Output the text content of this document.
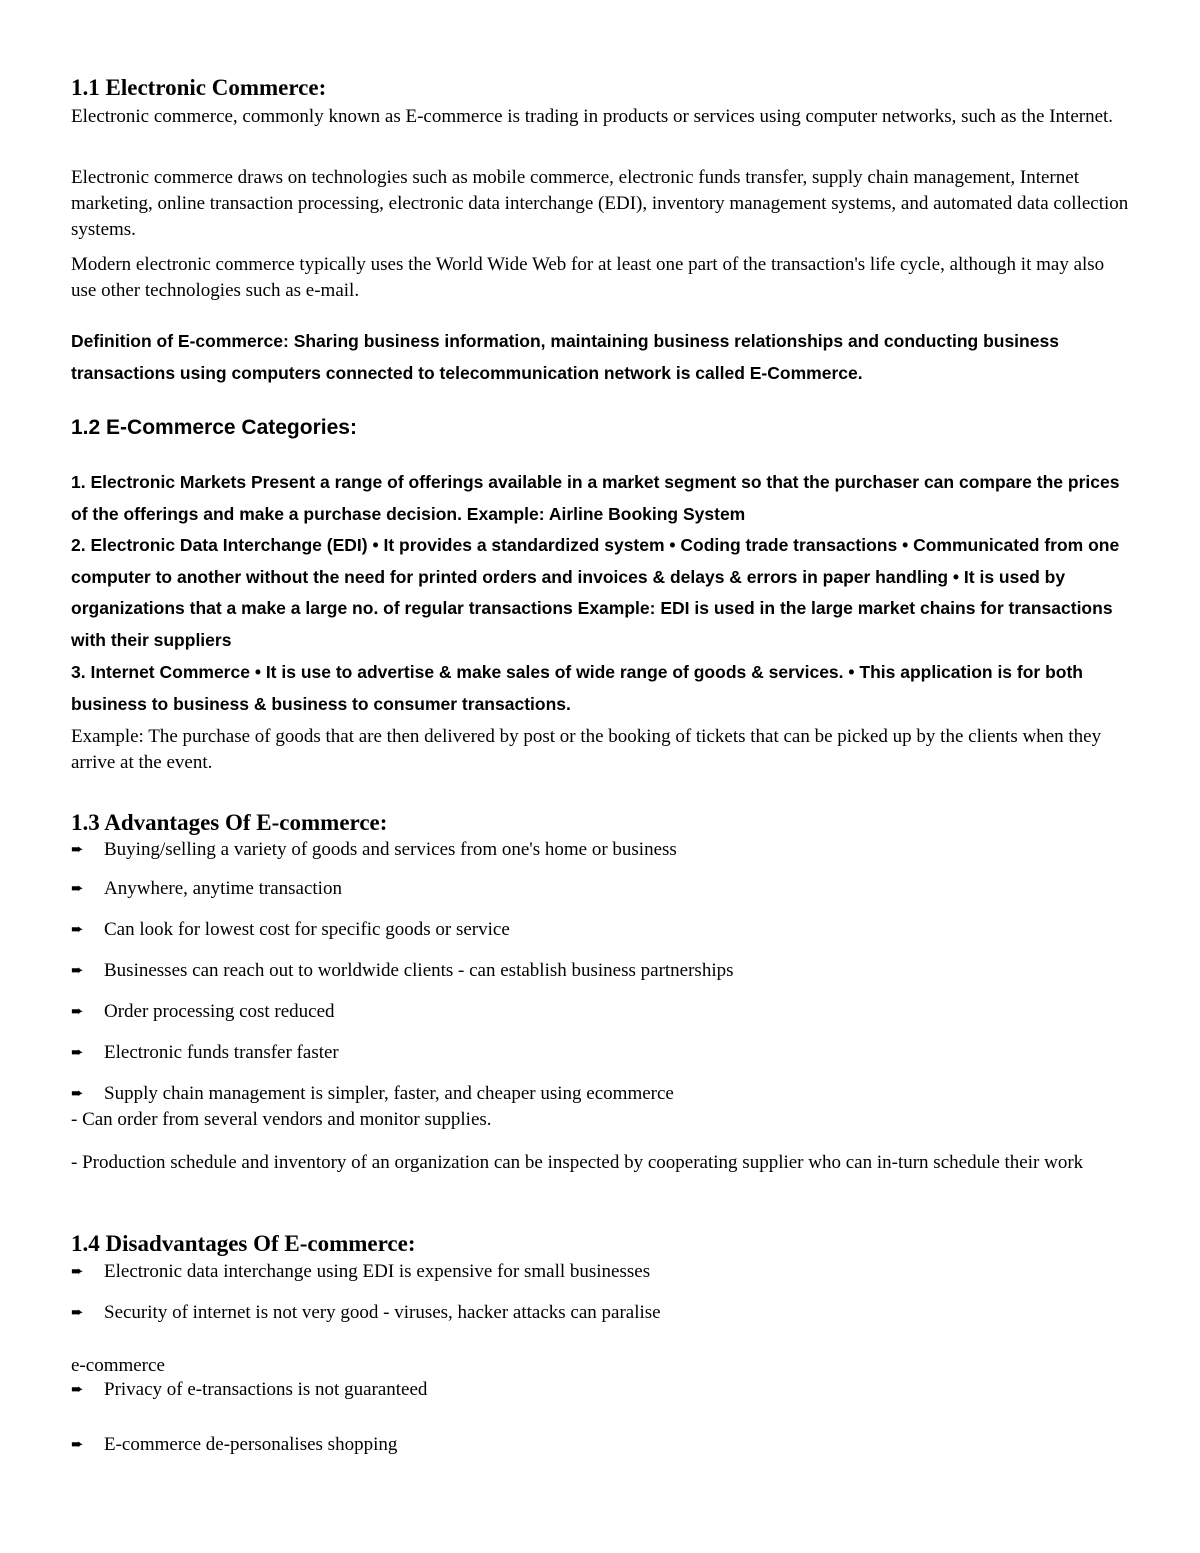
1.1 Electronic Commerce:

Electronic commerce, commonly known as E-commerce is trading in products or services using computer networks, such as the Internet.

Electronic commerce draws on technologies such as mobile commerce, electronic funds transfer, supply chain management, Internet marketing, online transaction processing, electronic data interchange (EDI), inventory management systems, and automated data collection systems.

Modern electronic commerce typically uses the World Wide Web for at least one part of the transaction's life cycle, although it may also use other technologies such as e-mail.

Definition of E-commerce: Sharing business information, maintaining business relationships and conducting business transactions using computers connected to telecommunication network is called E-Commerce.

1.2 E-Commerce Categories:

1. Electronic Markets Present a range of offerings available in a market segment so that the purchaser can compare the prices of the offerings and make a purchase decision. Example: Airline Booking System

2. Electronic Data Interchange (EDI) • It provides a standardized system • Coding trade transactions • Communicated from one computer to another without the need for printed orders and invoices & delays & errors in paper handling • It is used by organizations that a make a large no. of regular transactions Example: EDI is used in the large market chains for transactions with their suppliers

3. Internet Commerce • It is use to advertise & make sales of wide range of goods & services. • This application is for both business to business & business to consumer transactions.

Example: The purchase of goods that are then delivered by post or the booking of tickets that can be picked up by the clients when they arrive at the event.

1.3 Advantages Of E-commerce:
➨ Buying/selling a variety of goods and services from one's home or business
➨ Anywhere, anytime transaction
➨ Can look for lowest cost for specific goods or service
➨ Businesses can reach out to worldwide clients - can establish business partnerships
➨ Order processing cost reduced
➨ Electronic funds transfer faster
➨ Supply chain management is simpler, faster, and cheaper using ecommerce

- Can order from several vendors and monitor supplies.

- Production schedule and inventory of an organization can be inspected by cooperating supplier who can in-turn schedule their work

1.4 Disadvantages Of E-commerce:
➨ Electronic data interchange using EDI is expensive for small businesses
➨ Security of internet is not very good - viruses, hacker attacks can paralise

e-commerce

➨ Privacy of e-transactions is not guaranteed
➨ E-commerce de-personalises shopping
